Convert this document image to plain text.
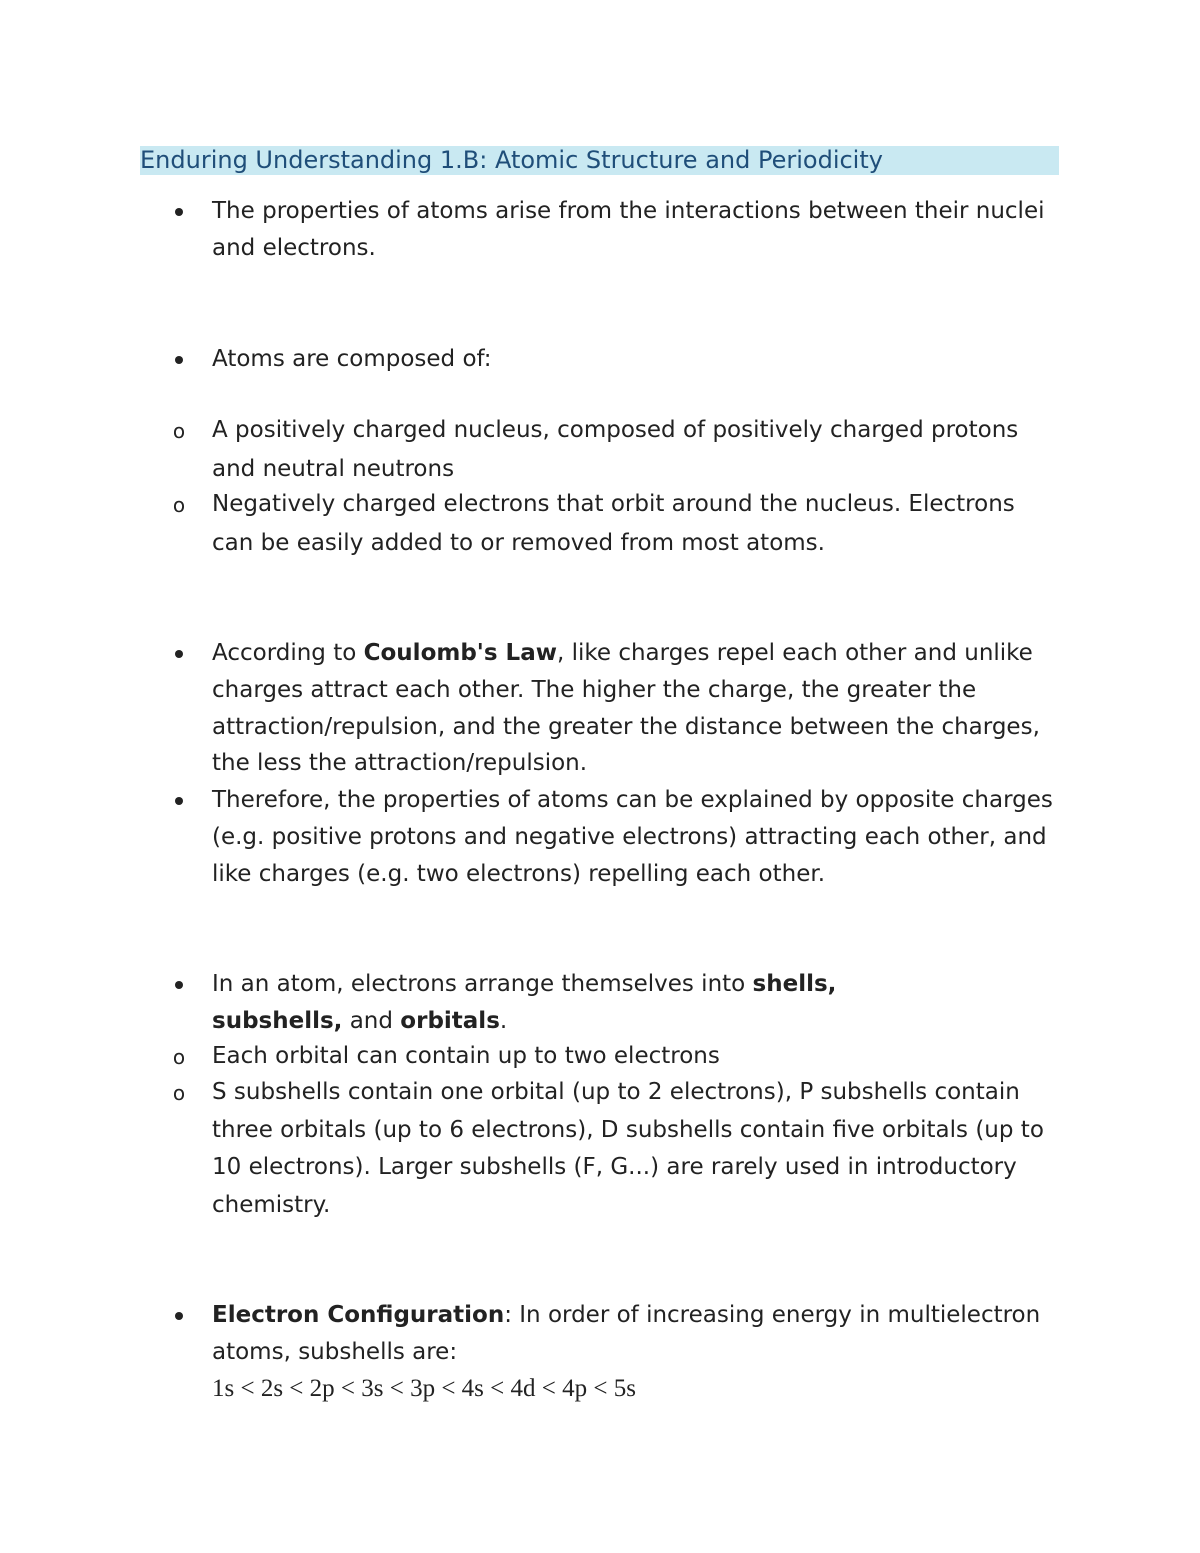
Enduring Understanding 1.B: Atomic Structure and Periodicity
The properties of atoms arise from the interactions between their nuclei and electrons.
Atoms are composed of:
o A positively charged nucleus, composed of positively charged protons and neutral neutrons
o Negatively charged electrons that orbit around the nucleus. Electrons can be easily added to or removed from most atoms.
According to Coulomb's Law, like charges repel each other and unlike charges attract each other. The higher the charge, the greater the attraction/repulsion, and the greater the distance between the charges, the less the attraction/repulsion.
Therefore, the properties of atoms can be explained by opposite charges (e.g. positive protons and negative electrons) attracting each other, and like charges (e.g. two electrons) repelling each other.
In an atom, electrons arrange themselves into shells,
subshells, and orbitals.
o Each orbital can contain up to two electrons
o S subshells contain one orbital (up to 2 electrons), P subshells contain three orbitals (up to 6 electrons), D subshells contain five orbitals (up to 10 electrons). Larger subshells (F, G...) are rarely used in introductory chemistry.
Electron Configuration: In order of increasing energy in multielectron atoms, subshells are:
1s < 2s < 2p < 3s < 3p < 4s < 4d < 4p < 5s
